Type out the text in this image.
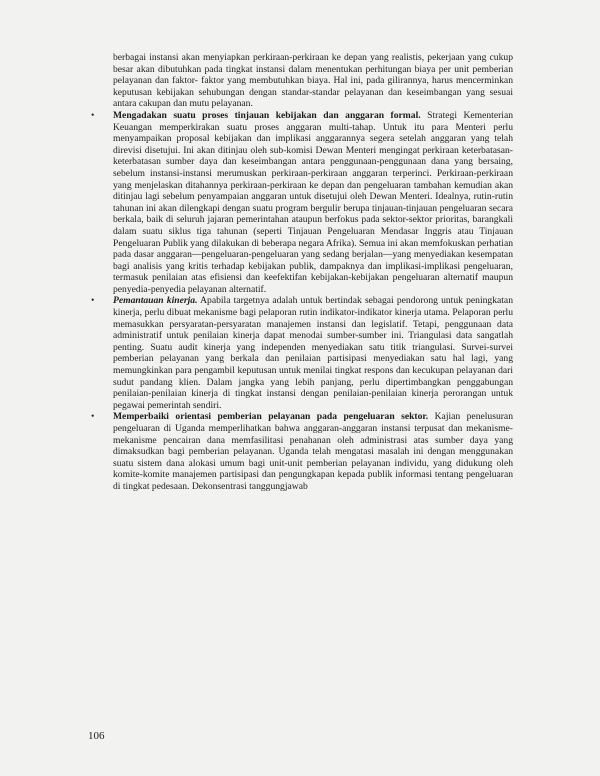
berbagai instansi akan menyiapkan perkiraan-perkiraan ke depan yang realistis, pekerjaan yang cukup besar akan dibutuhkan pada tingkat instansi dalam menentukan perhitungan biaya per unit pemberian pelayanan dan faktor- faktor yang membutuhkan biaya. Hal ini, pada gilirannya, harus mencerminkan keputusan kebijakan sehubungan dengan standar-standar pelayanan dan keseimbangan yang sesuai antara cakupan dan mutu pelayanan.

• Mengadakan suatu proses tinjauan kebijakan dan anggaran formal. Strategi Kementerian Keuangan memperkirakan suatu proses anggaran multi-tahap. Untuk itu para Menteri perlu menyampaikan proposal kebijakan dan implikasi anggarannya segera setelah anggaran yang telah direvisi disetujui. Ini akan ditinjau oleh sub-komisi Dewan Menteri mengingat perkiraan keterbatasan-keterbatasan sumber daya dan keseimbangan antara penggunaan-penggunaan dana yang bersaing, sebelum instansi-instansi merumuskan perkiraan-perkiraan anggaran terperinci. Perkiraan-perkiraan yang menjelaskan ditahannya perkiraan-perkiraan ke depan dan pengeluaran tambahan kemudian akan ditinjau lagi sebelum penyampaian anggaran untuk disetujui oleh Dewan Menteri. Idealnya, rutin-rutin tahunan ini akan dilengkapi dengan suatu program bergulir berupa tinjauan-tinjauan pengeluaran secara berkala, baik di seluruh jajaran pemerintahan ataupun berfokus pada sektor-sektor prioritas, barangkali dalam suatu siklus tiga tahunan (seperti Tinjauan Pengeluaran Mendasar Inggris atau Tinjauan Pengeluaran Publik yang dilakukan di beberapa negara Afrika). Semua ini akan memfokuskan perhatian pada dasar anggaran—pengeluaran-pengeluaran yang sedang berjalan—yang menyediakan kesempatan bagi analisis yang kritis terhadap kebijakan publik, dampaknya dan implikasi-implikasi pengeluaran, termasuk penilaian atas efisiensi dan keefektifan kebijakan-kebijakan pengeluaran alternatif maupun penyedia-penyedia pelayanan alternatif.
• Pemantauan kinerja. Apabila targetnya adalah untuk bertindak sebagai pendorong untuk peningkatan kinerja, perlu dibuat mekanisme bagi pelaporan rutin indikator-indikator kinerja utama. Pelaporan perlu memasukkan persyaratan-persyaratan manajemen instansi dan legislatif. Tetapi, penggunaan data administratif untuk penilaian kinerja dapat menodai sumber-sumber ini. Triangulasi data sangatlah penting. Suatu audit kinerja yang independen menyediakan satu titik triangulasi. Survei-survei pemberian pelayanan yang berkala dan penilaian partisipasi menyediakan satu hal lagi, yang memungkinkan para pengambil keputusan untuk menilai tingkat respons dan kecukupan pelayanan dari sudut pandang klien. Dalam jangka yang lebih panjang, perlu dipertimbangkan penggabungan penilaian-penilaian kinerja di tingkat instansi dengan penilaian-penilaian kinerja perorangan untuk pegawai pemerintah sendiri.
• Memperbaiki orientasi pemberian pelayanan pada pengeluaran sektor. Kajian penelusuran pengeluaran di Uganda memperlihatkan bahwa anggaran-anggaran instansi terpusat dan mekanisme-mekanisme pencairan dana memfasilitasi penahanan oleh administrasi atas sumber daya yang dimaksudkan bagi pemberian pelayanan. Uganda telah mengatasi masalah ini dengan menggunakan suatu sistem dana alokasi umum bagi unit-unit pemberian pelayanan individu, yang didukung oleh komite-komite manajemen partisipasi dan pengungkapan kepada publik informasi tentang pengeluaran di tingkat pedesaan. Dekonsentrasi tanggungjawab
106
